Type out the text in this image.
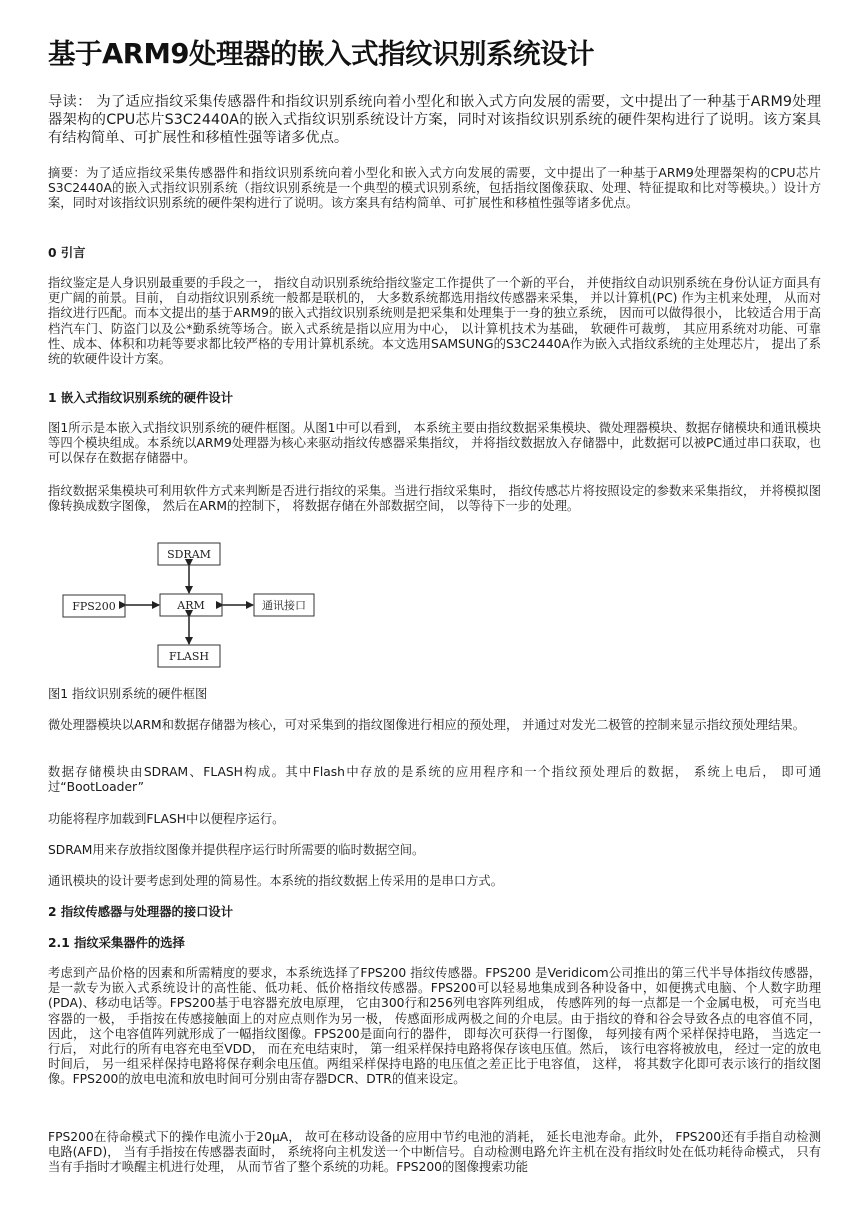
基于ARM9处理器的嵌入式指纹识别系统设计

导读： 为了适应指纹采集传感器件和指纹识别系统向着小型化和嵌入式方向发展的需要，文中提出了一种基于ARM9处理器架构的CPU芯片S3C2440A的嵌入式指纹识别系统设计方案，同时对该指纹识别系统的硬件架构进行了说明。该方案具有结构简单、可扩展性和移植性强等诸多优点。

摘要：为了适应指纹采集传感器件和指纹识别系统向着小型化和嵌入式方向发展的需要，文中提出了一种基于ARM9处理器架构的CPU芯片S3C2440A的嵌入式指纹识别系统（指纹识别系统是一个典型的模式识别系统，包括指纹图像获取、处理、特征提取和比对等模块。）设计方案，同时对该指纹识别系统的硬件架构进行了说明。该方案具有结构简单、可扩展性和移植性强等诸多优点。

0 引言

指纹鉴定是人身识别最重要的手段之一， 指纹自动识别系统给指纹鉴定工作提供了一个新的平台， 并使指纹自动识别系统在身份认证方面具有更广阔的前景。目前， 自动指纹识别系统一般都是联机的， 大多数系统都选用指纹传感器来采集， 并以计算机(PC) 作为主机来处理， 从而对指纹进行匹配。而本文提出的基于ARM9的嵌入式指纹识别系统则是把采集和处理集于一身的独立系统， 因而可以做得很小， 比较适合用于高档汽车门、防盗门以及公*勤系统等场合。嵌入式系统是指以应用为中心， 以计算机技术为基础， 软硬件可裁剪， 其应用系统对功能、可靠性、成本、体积和功耗等要求都比较严格的专用计算机系统。本文选用SAMSUNG的S3C2440A作为嵌入式指纹系统的主处理芯片， 提出了系统的软硬件设计方案。

1 嵌入式指纹识别系统的硬件设计

图1所示是本嵌入式指纹识别系统的硬件框图。从图1中可以看到， 本系统主要由指纹数据采集模块、微处理器模块、数据存储模块和通讯模块等四个模块组成。本系统以ARM9处理器为核心来驱动指纹传感器采集指纹， 并将指纹数据放入存储器中，此数据可以被PC通过串口获取，也可以保存在数据存储器中。

指纹数据采集模块可利用软件方式来判断是否进行指纹的采集。当进行指纹采集时， 指纹传感芯片将按照设定的参数来采集指纹， 并将模拟图像转换成数字图像， 然后在ARM的控制下， 将数据存储在外部数据空间， 以等待下一步的处理。

SDRAM
ARM
FPS200	通讯接口
FLASH

图1 指纹识别系统的硬件框图

微处理器模块以ARM和数据存储器为核心，可对采集到的指纹图像进行相应的预处理， 并通过对发光二极管的控制来显示指纹预处理结果。

数据存储模块由SDRAM、FLASH构成。其中Flash中存放的是系统的应用程序和一个指纹预处理后的数据， 系统上电后， 即可通过“BootLoader”

功能将程序加载到FLASH中以便程序运行。

SDRAM用来存放指纹图像并提供程序运行时所需要的临时数据空间。

通讯模块的设计要考虑到处理的简易性。本系统的指纹数据上传采用的是串口方式。

2 指纹传感器与处理器的接口设计

2.1 指纹采集器件的选择

考虑到产品价格的因素和所需精度的要求，本系统选择了FPS200 指纹传感器。FPS200 是Veridicom公司推出的第三代半导体指纹传感器，是一款专为嵌入式系统设计的高性能、低功耗、低价格指纹传感器。FPS200可以轻易地集成到各种设备中，如便携式电脑、个人数字助理(PDA)、移动电话等。FPS200基于电容器充放电原理， 它由300行和256列电容阵列组成， 传感阵列的每一点都是一个金属电极， 可充当电容器的一极， 手指按在传感接触面上的对应点则作为另一极， 传感面形成两极之间的介电层。由于指纹的脊和谷会导致各点的电容值不同， 因此， 这个电容值阵列就形成了一幅指纹图像。FPS200是面向行的器件， 即每次可获得一行图像， 每列接有两个采样保持电路， 当选定一行后， 对此行的所有电容充电至VDD， 而在充电结束时， 第一组采样保持电路将保存该电压值。然后， 该行电容将被放电， 经过一定的放电时间后， 另一组采样保持电路将保存剩余电压值。两组采样保持电路的电压值之差正比于电容值， 这样， 将其数字化即可表示该行的指纹图像。FPS200的放电电流和放电时间可分别由寄存器DCR、DTR的值来设定。

FPS200在待命模式下的操作电流小于20μA， 故可在移动设备的应用中节约电池的消耗， 延长电池寿命。此外， FPS200还有手指自动检测电路(AFD)， 当有手指按在传感器表面时， 系统将向主机发送一个中断信号。自动检测电路允许主机在没有指纹时处在低功耗待命模式， 只有当有手指时才唤醒主机进行处理， 从而节省了整个系统的功耗。FPS200的图像搜索功能
